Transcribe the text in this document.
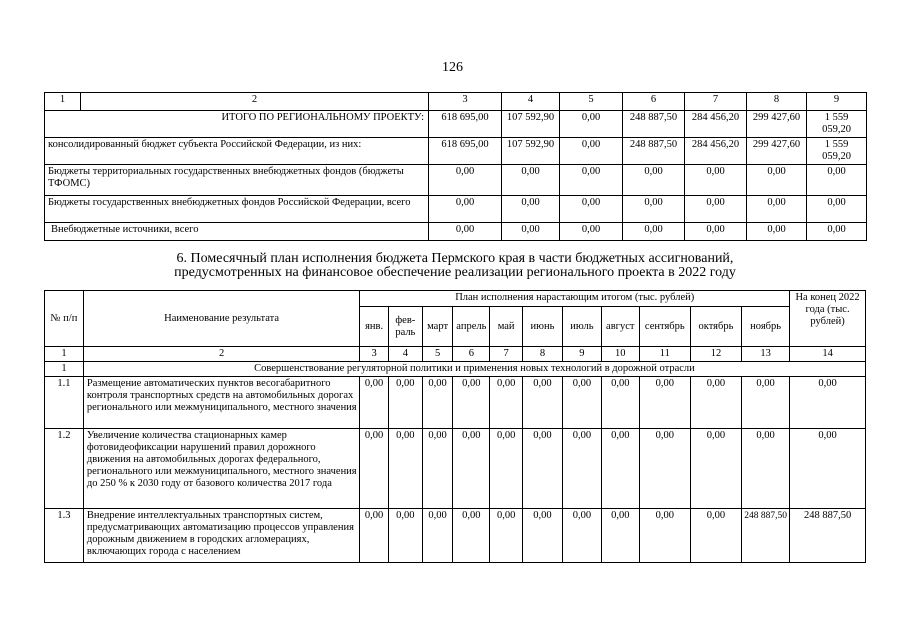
126
1	2	3	4	5	6	7	8	9
ИТОГО ПО РЕГИОНАЛЬНОМУ ПРОЕКТУ:		618 695,00	107 592,90	0,00	248 887,50	284 456,20	299 427,60	1 559 059,20
консолидированный бюджет субъекта Российской Федерации, из них:		618 695,00	107 592,90	0,00	248 887,50	284 456,20	299 427,60	1 559 059,20
Бюджеты территориальных государственных внебюджетных фондов (бюджеты ТФОМС)		0,00	0,00	0,00	0,00	0,00	0,00	0,00
Бюджеты государственных внебюджетных фондов Российской Федерации, всего		0,00	0,00	0,00	0,00	0,00	0,00	0,00
Внебюджетные источники, всего		0,00	0,00	0,00	0,00	0,00	0,00	0,00
6. Помесячный план исполнения бюджета Пермского края в части бюджетных ассигнований,
предусмотренных на финансовое обеспечение реализации регионального проекта в 2022 году
№ п/п	Наименование результата	План исполнения нарастающим итогом (тыс. рублей)											На конец 2022 года (тыс. рублей)
		янв.	фев-раль	март	апрель	май	июнь	июль	август	сентябрь	октябрь	ноябрь	
1	2	3	4	5	6	7	8	9	10	11	12	13	14
1	Совершенствование регуляторной политики и применения новых технологий в дорожной отрасли												
1.1	Размещение автоматических пунктов весогабаритного контроля транспортных средств на автомобильных дорогах регионального или межмуниципального, местного значения	0,00	0,00	0,00	0,00	0,00	0,00	0,00	0,00	0,00	0,00	0,00	0,00
1.2	Увеличение количества стационарных камер фотовидеофиксации нарушений правил дорожного движения на автомобильных дорогах федерального, регионального или межмуниципального, местного значения до 250 % к 2030 году от базового количества 2017 года	0,00	0,00	0,00	0,00	0,00	0,00	0,00	0,00	0,00	0,00	0,00	0,00
1.3	Внедрение интеллектуальных транспортных систем, предусматривающих автоматизацию процессов управления дорожным движением в городских агломерациях, включающих города с населением	0,00	0,00	0,00	0,00	0,00	0,00	0,00	0,00	0,00	0,00	248 887,50	248 887,50
